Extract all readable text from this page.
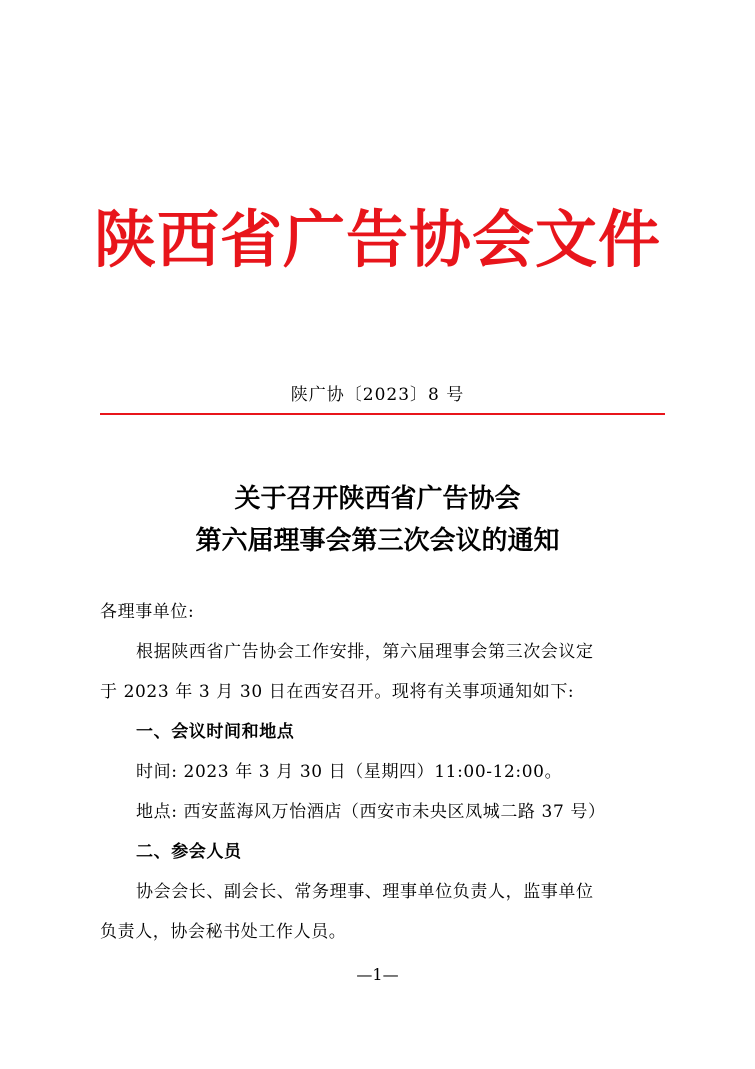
陕西省广告协会文件
陕广协〔2023〕8 号
关于召开陕西省广告协会
第六届理事会第三次会议的通知
各理事单位:
根据陕西省广告协会工作安排，第六届理事会第三次会议定
于 2023 年 3 月 30 日在西安召开。现将有关事项通知如下:
一、会议时间和地点
时间: 2023 年 3 月 30 日（星期四）11:00-12:00。
地点: 西安蓝海风万怡酒店（西安市未央区凤城二路 37 号）
二、参会人员
协会会长、副会长、常务理事、理事单位负责人，监事单位
负责人，协会秘书处工作人员。
—1—
